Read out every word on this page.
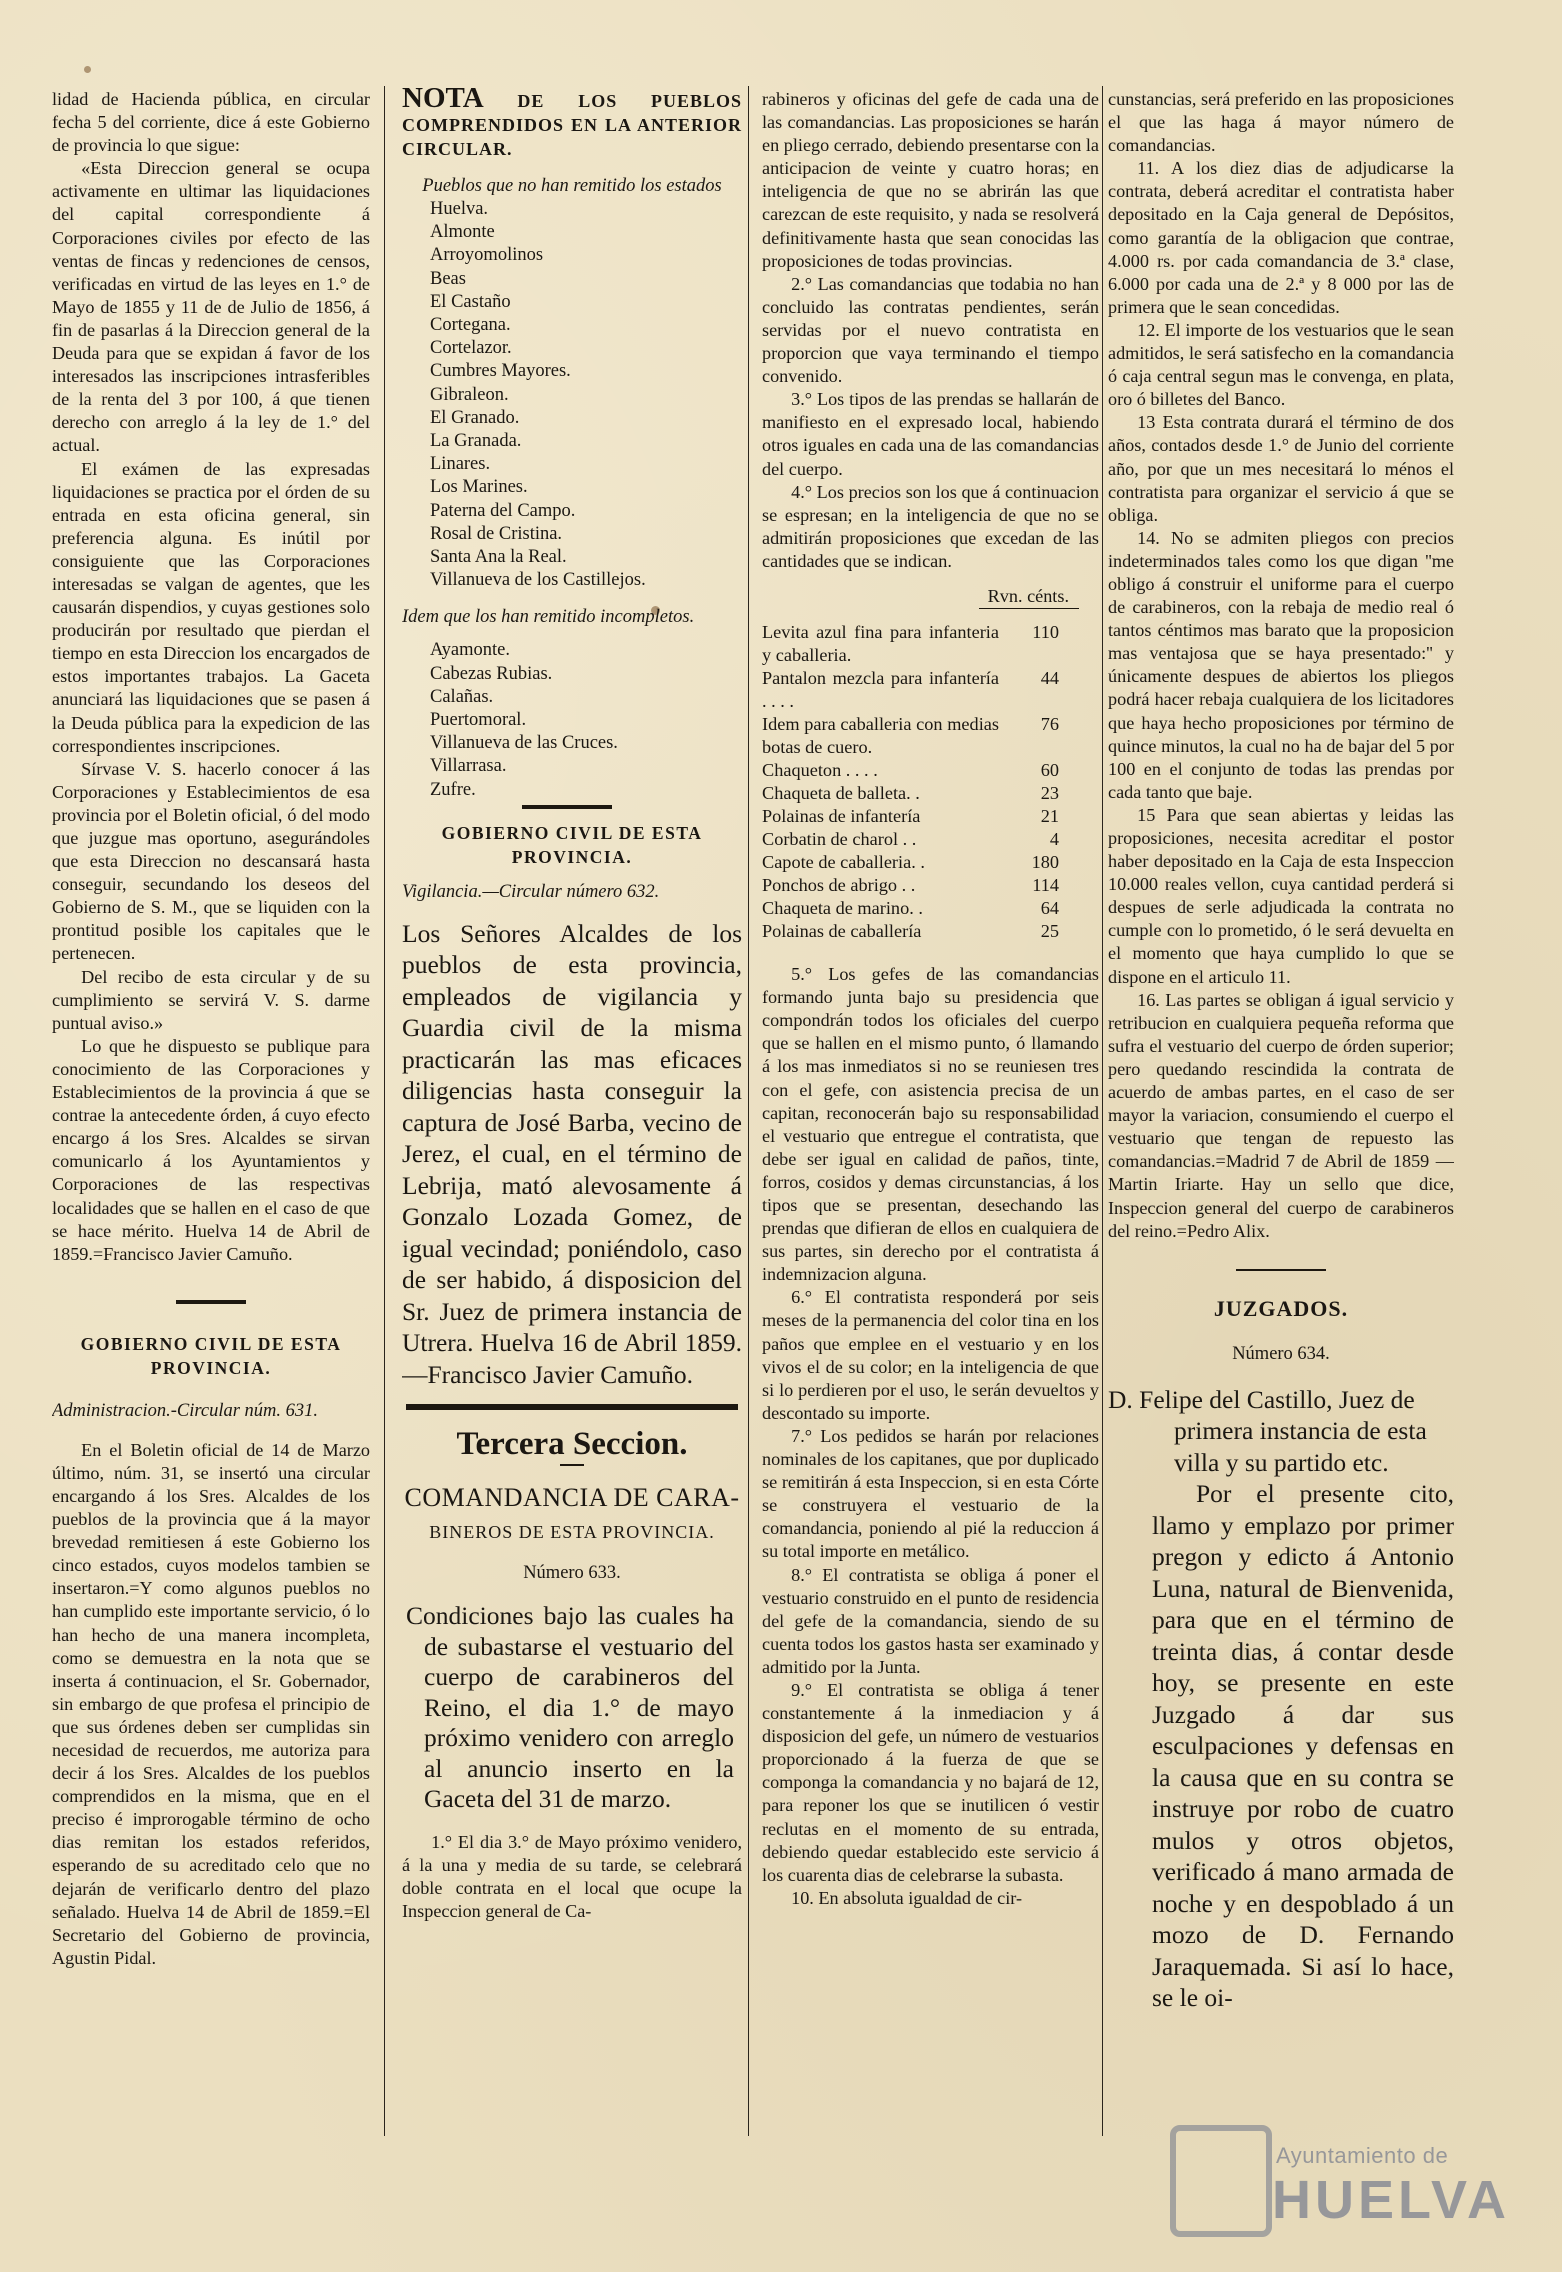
lidad de Hacienda pública, en circular fecha 5 del corriente, dice á este Gobierno de provincia lo que sigue:

«Esta Direccion general se ocupa activamente en ultimar las liquidaciones del capital correspondiente á Corporaciones civiles por efecto de las ventas de fincas y redenciones de censos, verificadas en virtud de las leyes en 1.° de Mayo de 1855 y 11 de de Julio de 1856, á fin de pasarlas á la Direccion general de la Deuda para que se expidan á favor de los interesados las inscripciones intrasferibles de la renta del 3 por 100, á que tienen derecho con arreglo á la ley de 1.° del actual.

El exámen de las expresadas liquidaciones se practica por el órden de su entrada en esta oficina general, sin preferencia alguna. Es inútil por consiguiente que las Corporaciones interesadas se valgan de agentes, que les causarán dispendios, y cuyas gestiones solo producirán por resultado que pierdan el tiempo en esta Direccion los encargados de estos importantes trabajos. La Gaceta anunciará las liquidaciones que se pasen á la Deuda pública para la expedicion de las correspondientes inscripciones.

Sírvase V. S. hacerlo conocer á las Corporaciones y Establecimientos de esa provincia por el Boletin oficial, ó del modo que juzgue mas oportuno, asegurándoles que esta Direccion no descansará hasta conseguir, secundando los deseos del Gobierno de S. M., que se liquiden con la prontitud posible los capitales que le pertenecen.

Del recibo de esta circular y de su cumplimiento se servirá V. S. darme puntual aviso.»

Lo que he dispuesto se publique para conocimiento de las Corporaciones y Establecimientos de la provincia á que se contrae la antecedente órden, á cuyo efecto encargo á los Sres. Alcaldes se sirvan comunicarlo á los Ayuntamientos y Corporaciones de las respectivas localidades que se hallen en el caso de que se hace mérito. Huelva 14 de Abril de 1859.=Francisco Javier Camuño.

GOBIERNO CIVIL DE ESTA PROVINCIA.

Administracion.-Circular núm. 631.

En el Boletin oficial de 14 de Marzo último, núm. 31, se insertó una circular encargando á los Sres. Alcaldes de los pueblos de la provincia que á la mayor brevedad remitiesen á este Gobierno los cinco estados, cuyos modelos tambien se insertaron.=Y como algunos pueblos no han cumplido este importante servicio, ó lo han hecho de una manera incompleta, como se demuestra en la nota que se inserta á continuacion, el Sr. Gobernador, sin embargo de que profesa el principio de que sus órdenes deben ser cumplidas sin necesidad de recuerdos, me autoriza para decir á los Sres. Alcaldes de los pueblos comprendidos en la misma, que en el preciso é improrogable término de ocho dias remitan los estados referidos, esperando de su acreditado celo que no dejarán de verificarlo dentro del plazo señalado. Huelva 14 de Abril de 1859.=El Secretario del Gobierno de provincia, Agustin Pidal.

NOTA DE LOS PUEBLOS COMPRENDIDOS EN LA ANTERIOR CIRCULAR.

Pueblos que no han remitido los estados

Huelva.
Almonte
Arroyomolinos
Beas
El Castaño
Cortegana.
Cortelazor.
Cumbres Mayores.
Gibraleon.
El Granado.
La Granada.
Linares.
Los Marines.
Paterna del Campo.
Rosal de Cristina.
Santa Ana la Real.
Villanueva de los Castillejos.

Idem que los han remitido incompletos.

Ayamonte.
Cabezas Rubias.
Calañas.
Puertomoral.
Villanueva de las Cruces.
Villarrasa.
Zufre.

GOBIERNO CIVIL DE ESTA PROVINCIA.

Vigilancia.—Circular número 632.

Los Señores Alcaldes de los pueblos de esta provincia, empleados de vigilancia y Guardia civil de la misma practicarán las mas eficaces diligencias hasta conseguir la captura de José Barba, vecino de Jerez, el cual, en el término de Lebrija, mató alevosamente á Gonzalo Lozada Gomez, de igual vecindad; poniéndolo, caso de ser habido, á disposicion del Sr. Juez de primera instancia de Utrera. Huelva 16 de Abril 1859.—Francisco Javier Camuño.

Tercera Seccion.

COMANDANCIA DE CARA-

BINEROS DE ESTA PROVINCIA.

Número 633.

Condiciones bajo las cuales ha de subastarse el vestuario del cuerpo de carabineros del Reino, el dia 1.° de mayo próximo venidero con arreglo al anuncio inserto en la Gaceta del 31 de marzo.

1.° El dia 3.° de Mayo próximo venidero, á la una y media de su tarde, se celebrará doble contrata en el local que ocupe la Inspeccion general de Ca-

rabineros y oficinas del gefe de cada una de las comandancias. Las proposiciones se harán en pliego cerrado, debiendo presentarse con la anticipacion de veinte y cuatro horas; en inteligencia de que no se abrirán las que carezcan de este requisito, y nada se resolverá definitivamente hasta que sean conocidas las proposiciones de todas provincias.

2.° Las comandancias que todabia no han concluido las contratas pendientes, serán servidas por el nuevo contratista en proporcion que vaya terminando el tiempo convenido.

3.° Los tipos de las prendas se hallarán de manifiesto en el expresado local, habiendo otros iguales en cada una de las comandancias del cuerpo.

4.° Los precios son los que á continuacion se espresan; en la inteligencia de que no se admitirán proposiciones que excedan de las cantidades que se indican.

Rvn. cénts.

Levita azul fina para infanteria y caballeria.	110
Pantalon mezcla para infantería . . . .	44
Idem para caballeria con medias botas de cuero.	76
Chaqueton . . . .	60
Chaqueta de balleta. .	23
Polainas de infantería	21
Corbatin de charol . .	4
Capote de caballeria. .	180
Ponchos de abrigo . .	114
Chaqueta de marino. .	64
Polainas de caballería	25

5.° Los gefes de las comandancias formando junta bajo su presidencia que compondrán todos los oficiales del cuerpo que se hallen en el mismo punto, ó llamando á los mas inmediatos si no se reuniesen tres con el gefe, con asistencia precisa de un capitan, reconocerán bajo su responsabilidad el vestuario que entregue el contratista, que debe ser igual en calidad de paños, tinte, forros, cosidos y demas circunstancias, á los tipos que se presentan, desechando las prendas que difieran de ellos en cualquiera de sus partes, sin derecho por el contratista á indemnizacion alguna.

6.° El contratista responderá por seis meses de la permanencia del color tina en los paños que emplee en el vestuario y en los vivos el de su color; en la inteligencia de que si lo perdieren por el uso, le serán devueltos y descontado su importe.

7.° Los pedidos se harán por relaciones nominales de los capitanes, que por duplicado se remitirán á esta Inspeccion, si en esta Córte se construyera el vestuario de la comandancia, poniendo al pié la reduccion á su total importe en metálico.

8.° El contratista se obliga á poner el vestuario construido en el punto de residencia del gefe de la comandancia, siendo de su cuenta todos los gastos hasta ser examinado y admitido por la Junta.

9.° El contratista se obliga á tener constantemente á la inmediacion y á disposicion del gefe, un número de vestuarios proporcionado á la fuerza de que se componga la comandancia y no bajará de 12, para reponer los que se inutilicen ó vestir reclutas en el momento de su entrada, debiendo quedar establecido este servicio á los cuarenta dias de celebrarse la subasta.

10. En absoluta igualdad de cir-

cunstancias, será preferido en las proposiciones el que las haga á mayor número de comandancias.

11. A los diez dias de adjudicarse la contrata, deberá acreditar el contratista haber depositado en la Caja general de Depósitos, como garantía de la obligacion que contrae, 4.000 rs. por cada comandancia de 3.ª clase, 6.000 por cada una de 2.ª y 8 000 por las de primera que le sean concedidas.

12. El importe de los vestuarios que le sean admitidos, le será satisfecho en la comandancia ó caja central segun mas le convenga, en plata, oro ó billetes del Banco.

13 Esta contrata durará el término de dos años, contados desde 1.° de Junio del corriente año, por que un mes necesitará lo ménos el contratista para organizar el servicio á que se obliga.

14. No se admiten pliegos con precios indeterminados tales como los que digan ''me obligo á construir el uniforme para el cuerpo de carabineros, con la rebaja de medio real ó tantos céntimos mas barato que la proposicion mas ventajosa que se haya presentado:'' y únicamente despues de abiertos los pliegos podrá hacer rebaja cualquiera de los licitadores que haya hecho proposiciones por término de quince minutos, la cual no ha de bajar del 5 por 100 en el conjunto de todas las prendas por cada tanto que baje.

15 Para que sean abiertas y leidas las proposiciones, necesita acreditar el postor haber depositado en la Caja de esta Inspeccion 10.000 reales vellon, cuya cantidad perderá si despues de serle adjudicada la contrata no cumple con lo prometido, ó le será devuelta en el momento que haya cumplido lo que se dispone en el articulo 11.

16. Las partes se obligan á igual servicio y retribucion en cualquiera pequeña reforma que sufra el vestuario del cuerpo de órden superior; pero quedando rescindida la contrata de acuerdo de ambas partes, en el caso de ser mayor la variacion, consumiendo el cuerpo el vestuario que tengan de repuesto las comandancias.=Madrid 7 de Abril de 1859 —Martin Iriarte. Hay un sello que dice, Inspeccion general del cuerpo de carabineros del reino.=Pedro Alix.

JUZGADOS.

Número 634.

D. Felipe del Castillo, Juez de primera instancia de esta villa y su partido etc.

Por el presente cito, llamo y emplazo por primer pregon y edicto á Antonio Luna, natural de Bienvenida, para que en el término de treinta dias, á contar desde hoy, se presente en este Juzgado á dar sus esculpaciones y defensas en la causa que en su contra se instruye por robo de cuatro mulos y otros objetos, verificado á mano armada de noche y en despoblado á un mozo de D. Fernando Jaraquemada. Si así lo hace, se le oi-

Ayuntamiento de
HUELVA
